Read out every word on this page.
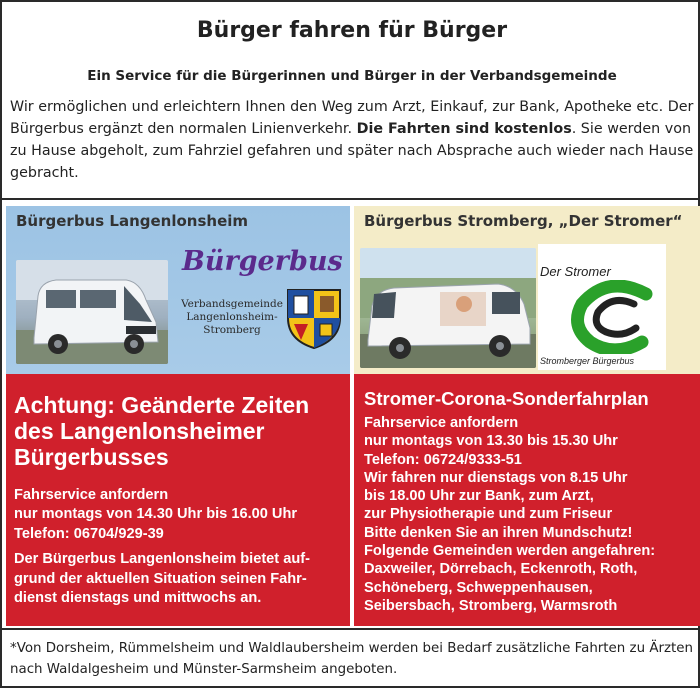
Bürger fahren für Bürger
Ein Service für die Bürgerinnen und Bürger in der Verbandsgemeinde
Wir ermöglichen und erleichtern Ihnen den Weg zum Arzt, Einkauf, zur Bank, Apotheke etc. Der Bürgerbus ergänzt den normalen Linienverkehr. Die Fahrten sind kostenlos. Sie werden von zu Hause abgeholt, zum Fahrziel gefahren und später nach Absprache auch wieder nach Hause gebracht.
Bürgerbus Langenlonsheim
Bürgerbus
Verbandsgemeinde
Langenlonsheim-
Stromberg
Bürgerbus Stromberg, „Der Stromer“
Der Stromer
Stromberger Bürgerbus
Achtung: Geänderte Zeiten
des Langenlonsheimer
Bürgerbusses
Fahrservice anfordern
nur montags von 14.30 Uhr bis 16.00 Uhr
Telefon: 06704/929-39
Der Bürgerbus Langenlonsheim bietet auf-
grund der aktuellen Situation seinen Fahr-
dienst dienstags und mittwochs an.
Stromer-Corona-Sonderfahrplan
Fahrservice anfordern
nur montags von 13.30 bis 15.30 Uhr
Telefon: 06724/9333-51
Wir fahren nur dienstags von 8.15 Uhr
bis 18.00 Uhr zur Bank, zum Arzt,
zur Physiotherapie und zum Friseur
Bitte denken Sie an ihren Mundschutz!
Folgende Gemeinden werden angefahren:
Daxweiler, Dörrebach, Eckenroth, Roth,
Schöneberg, Schweppenhausen,
Seibersbach, Stromberg, Warmsroth
*Von Dorsheim, Rümmelsheim und Waldlaubersheim werden bei Bedarf zusätzliche Fahrten zu Ärzten nach Waldalgesheim und Münster-Sarmsheim angeboten.
